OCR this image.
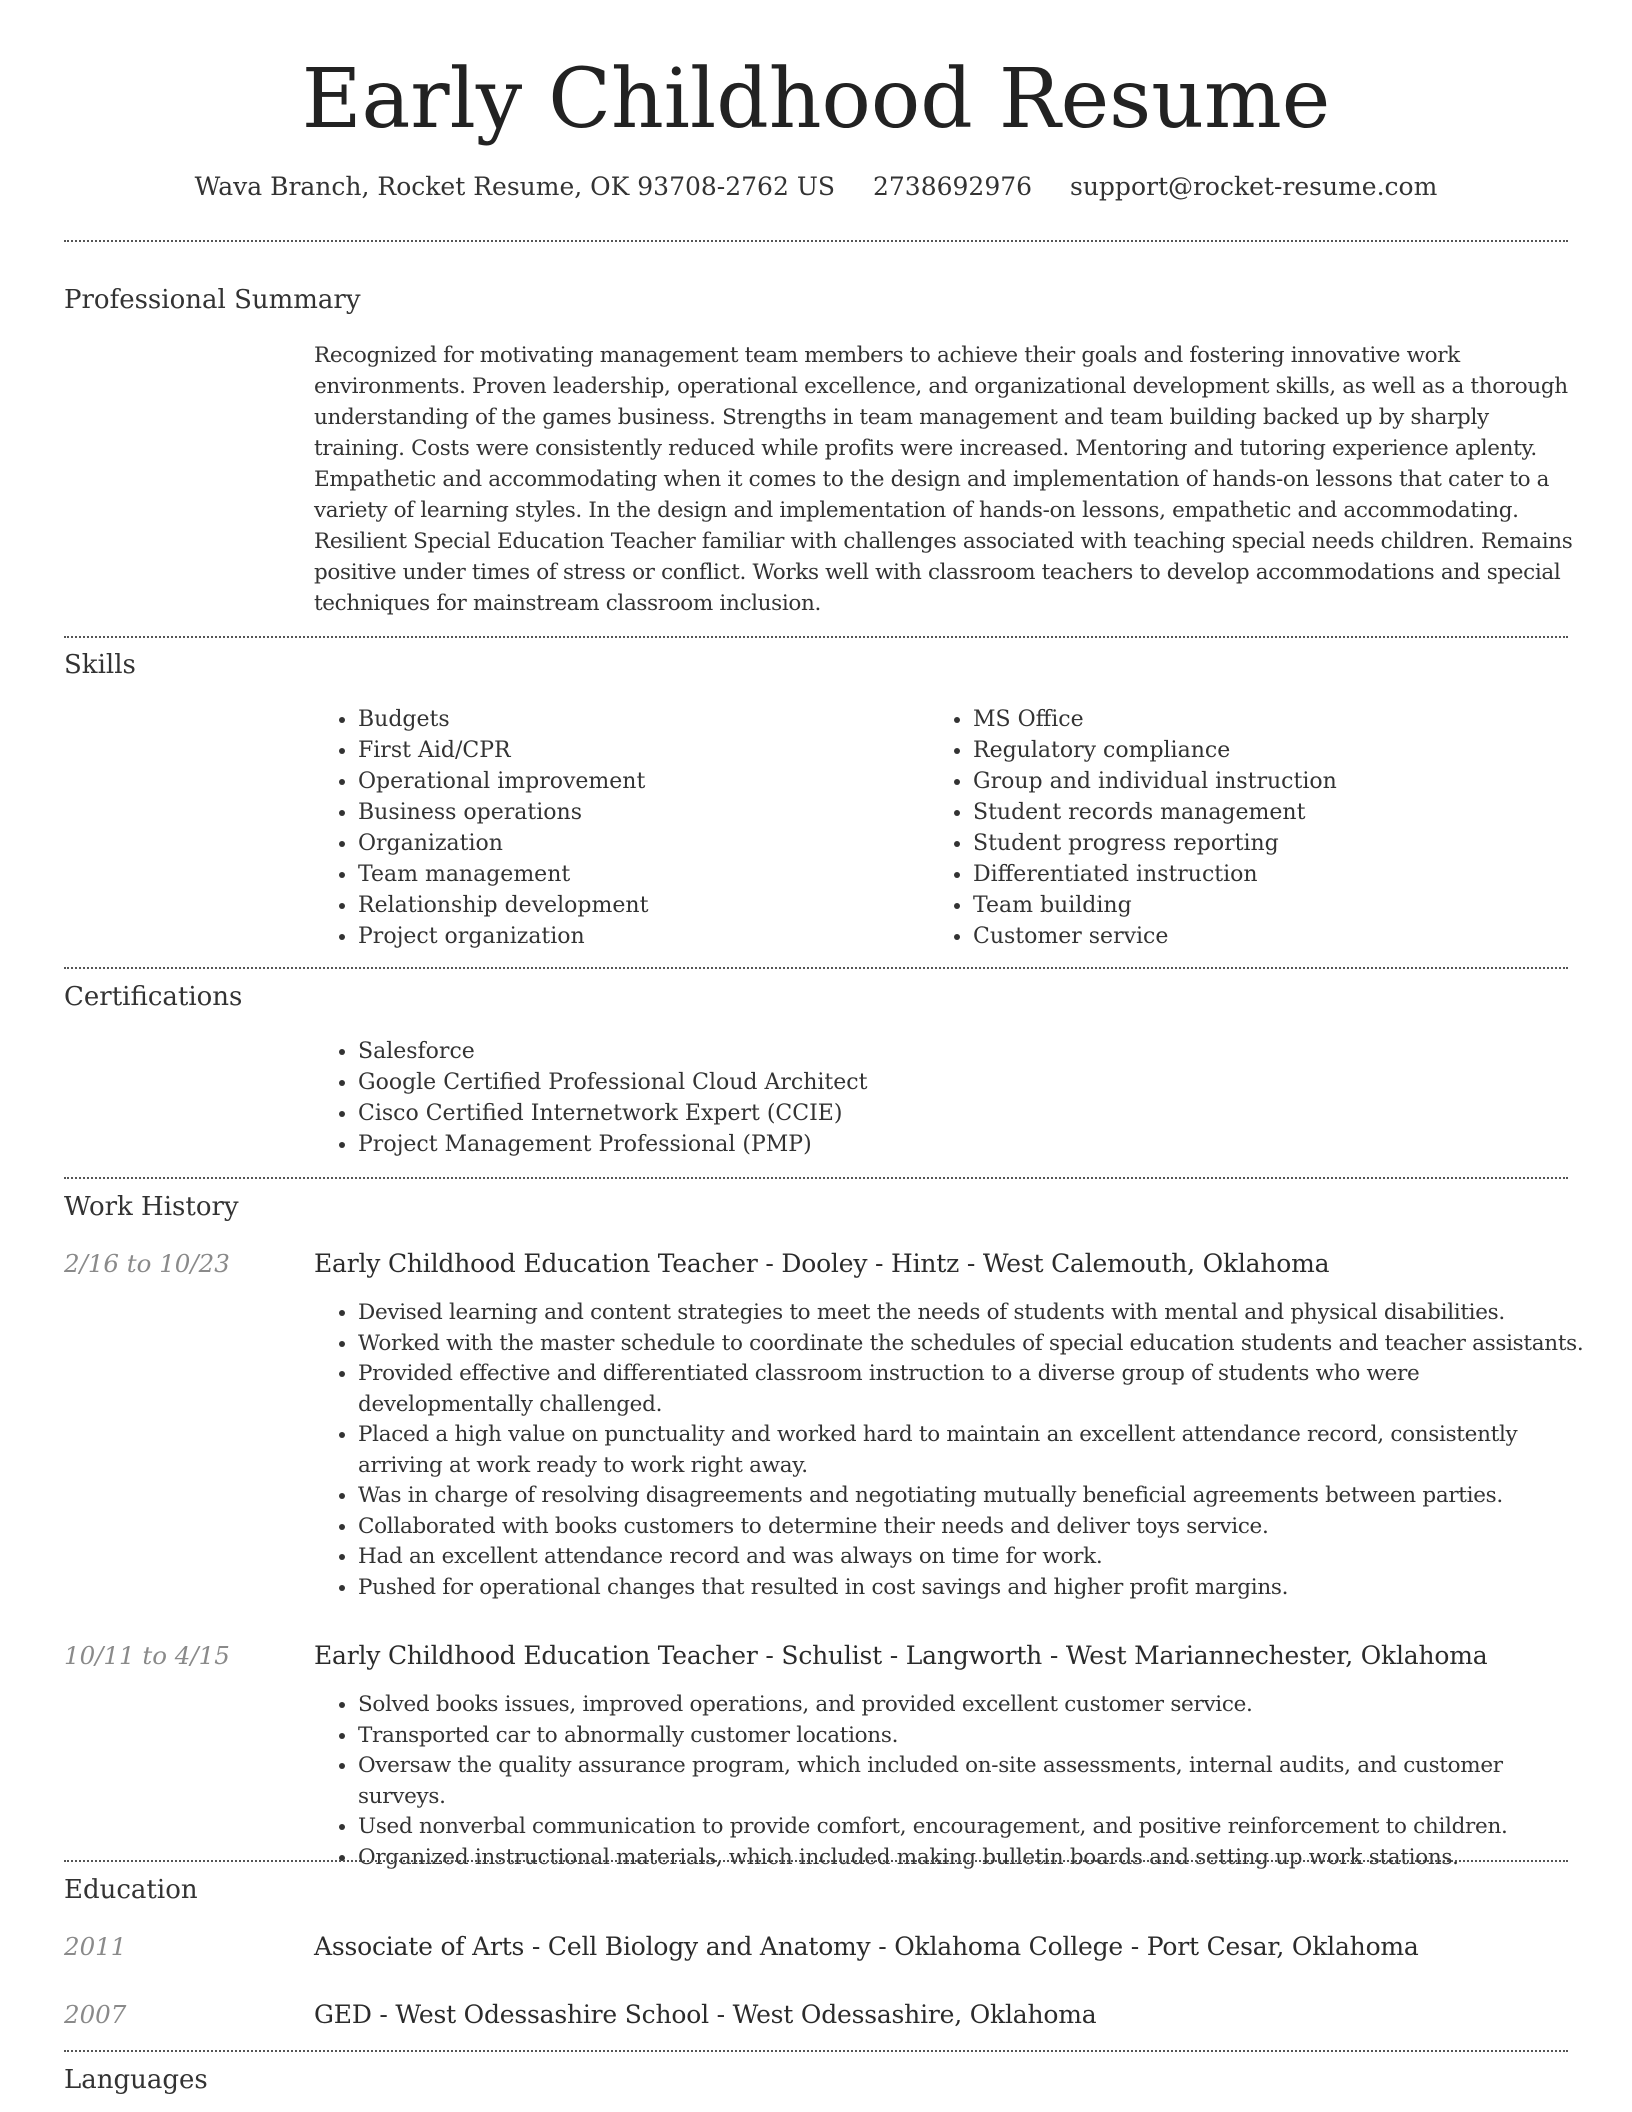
Early Childhood Resume
Wava Branch, Rocket Resume, OK 93708-2762 US 2738692976 support@rocket-resume.com
Professional Summary

Recognized for motivating management team members to achieve their goals and fostering innovative work environments. Proven leadership, operational excellence, and organizational development skills, as well as a thorough understanding of the games business. Strengths in team management and team building backed up by sharply training. Costs were consistently reduced while profits were increased. Mentoring and tutoring experience aplenty. Empathetic and accommodating when it comes to the design and implementation of hands-on lessons that cater to a variety of learning styles. In the design and implementation of hands-on lessons, empathetic and accommodating. Resilient Special Education Teacher familiar with challenges associated with teaching special needs children. Remains positive under times of stress or conflict. Works well with classroom teachers to develop accommodations and special techniques for mainstream classroom inclusion.

Skills
• Budgets
• First Aid/CPR
• Operational improvement
• Business operations
• Organization
• Team management
• Relationship development
• Project organization
• MS Office
• Regulatory compliance
• Group and individual instruction
• Student records management
• Student progress reporting
• Differentiated instruction
• Team building
• Customer service
Certifications
• Salesforce
• Google Certified Professional Cloud Architect
• Cisco Certified Internetwork Expert (CCIE)
• Project Management Professional (PMP)
Work History
2/16 to 10/23	Early Childhood Education Teacher - Dooley - Hintz - West Calemouth, Oklahoma
• Devised learning and content strategies to meet the needs of students with mental and physical disabilities.
• Worked with the master schedule to coordinate the schedules of special education students and teacher assistants.
• Provided effective and differentiated classroom instruction to a diverse group of students who were developmentally challenged.
• Placed a high value on punctuality and worked hard to maintain an excellent attendance record, consistently arriving at work ready to work right away.
• Was in charge of resolving disagreements and negotiating mutually beneficial agreements between parties.
• Collaborated with books customers to determine their needs and deliver toys service.
• Had an excellent attendance record and was always on time for work.
• Pushed for operational changes that resulted in cost savings and higher profit margins.
10/11 to 4/15	Early Childhood Education Teacher - Schulist - Langworth - West Mariannechester, Oklahoma
• Solved books issues, improved operations, and provided excellent customer service.
• Transported car to abnormally customer locations.
• Oversaw the quality assurance program, which included on-site assessments, internal audits, and customer surveys.
• Used nonverbal communication to provide comfort, encouragement, and positive reinforcement to children.
• Organized instructional materials, which included making bulletin boards and setting up work stations.
Education
2011	Associate of Arts - Cell Biology and Anatomy - Oklahoma College - Port Cesar, Oklahoma
2007	GED - West Odessashire School - West Odessashire, Oklahoma
Languages
